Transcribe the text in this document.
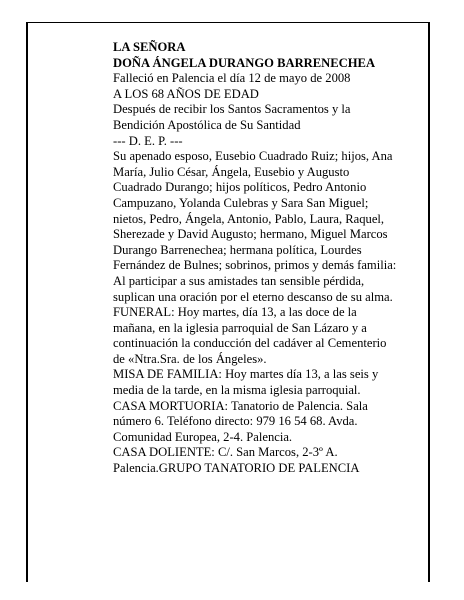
LA SEÑORA
DOÑA ÁNGELA DURANGO BARRENECHEA
Falleció en Palencia el día 12 de mayo de 2008
A LOS 68 AÑOS DE EDAD
Después de recibir los Santos Sacramentos y la
Bendición Apostólica de Su Santidad
--- D. E. P. ---
Su apenado esposo, Eusebio Cuadrado Ruiz; hijos, Ana
María, Julio César, Ángela, Eusebio y Augusto
Cuadrado Durango; hijos políticos, Pedro Antonio
Campuzano, Yolanda Culebras y Sara San Miguel;
nietos, Pedro, Ángela, Antonio, Pablo, Laura, Raquel,
Sherezade y David Augusto; hermano, Miguel Marcos
Durango Barrenechea; hermana política, Lourdes
Fernández de Bulnes; sobrinos, primos y demás familia:
Al participar a sus amistades tan sensible pérdida,
suplican una oración por el eterno descanso de su alma.
FUNERAL: Hoy martes, día 13, a las doce de la
mañana, en la iglesia parroquial de San Lázaro y a
continuación la conducción del cadáver al Cementerio
de «Ntra.Sra. de los Ángeles».
MISA DE FAMILIA: Hoy martes día 13, a las seis y
media de la tarde, en la misma iglesia parroquial.
CASA MORTUORIA: Tanatorio de Palencia. Sala
número 6. Teléfono directo: 979 16 54 68. Avda.
Comunidad Europea, 2-4. Palencia.
CASA DOLIENTE: C/. San Marcos, 2-3º A.
Palencia.GRUPO TANATORIO DE PALENCIA
